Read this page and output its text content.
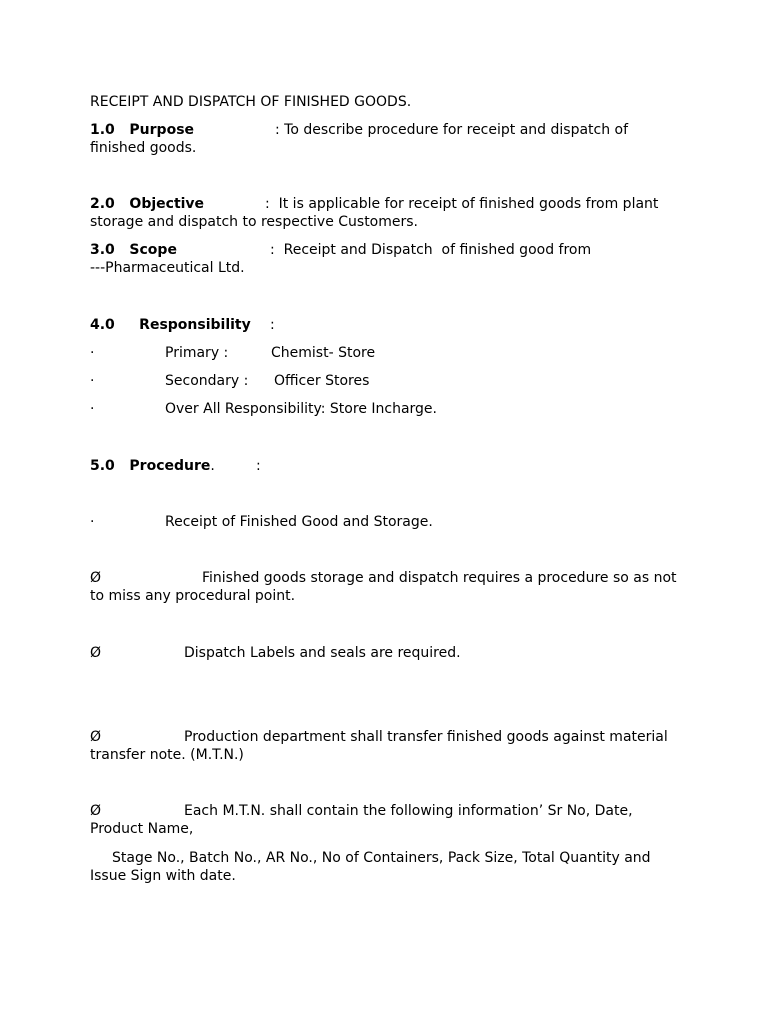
RECEIPT AND DISPATCH OF FINISHED GOODS.
1.0   Purpose	: To describe procedure for receipt and dispatch of
finished goods.
2.0   Objective	:  It is applicable for receipt of finished goods from plant
storage and dispatch to respective Customers.
3.0   Scope	:  Receipt and Dispatch  of finished good from
---Pharmaceutical Ltd.
4.0     Responsibility :
·	Primary :	Chemist- Store
·	Secondary : Officer Stores
·	Over All Responsibility: Store Incharge.
5.0   Procedure.	:
·	Receipt of Finished Good and Storage.
Ø	Finished goods storage and dispatch requires a procedure so as not
to miss any procedural point.
Ø	Dispatch Labels and seals are required.
Ø	Production department shall transfer finished goods against material
transfer note. (M.T.N.)
Ø	Each M.T.N. shall contain the following information’ Sr No, Date,
Product Name,
Stage No., Batch No., AR No., No of Containers, Pack Size, Total Quantity and
Issue Sign with date.
